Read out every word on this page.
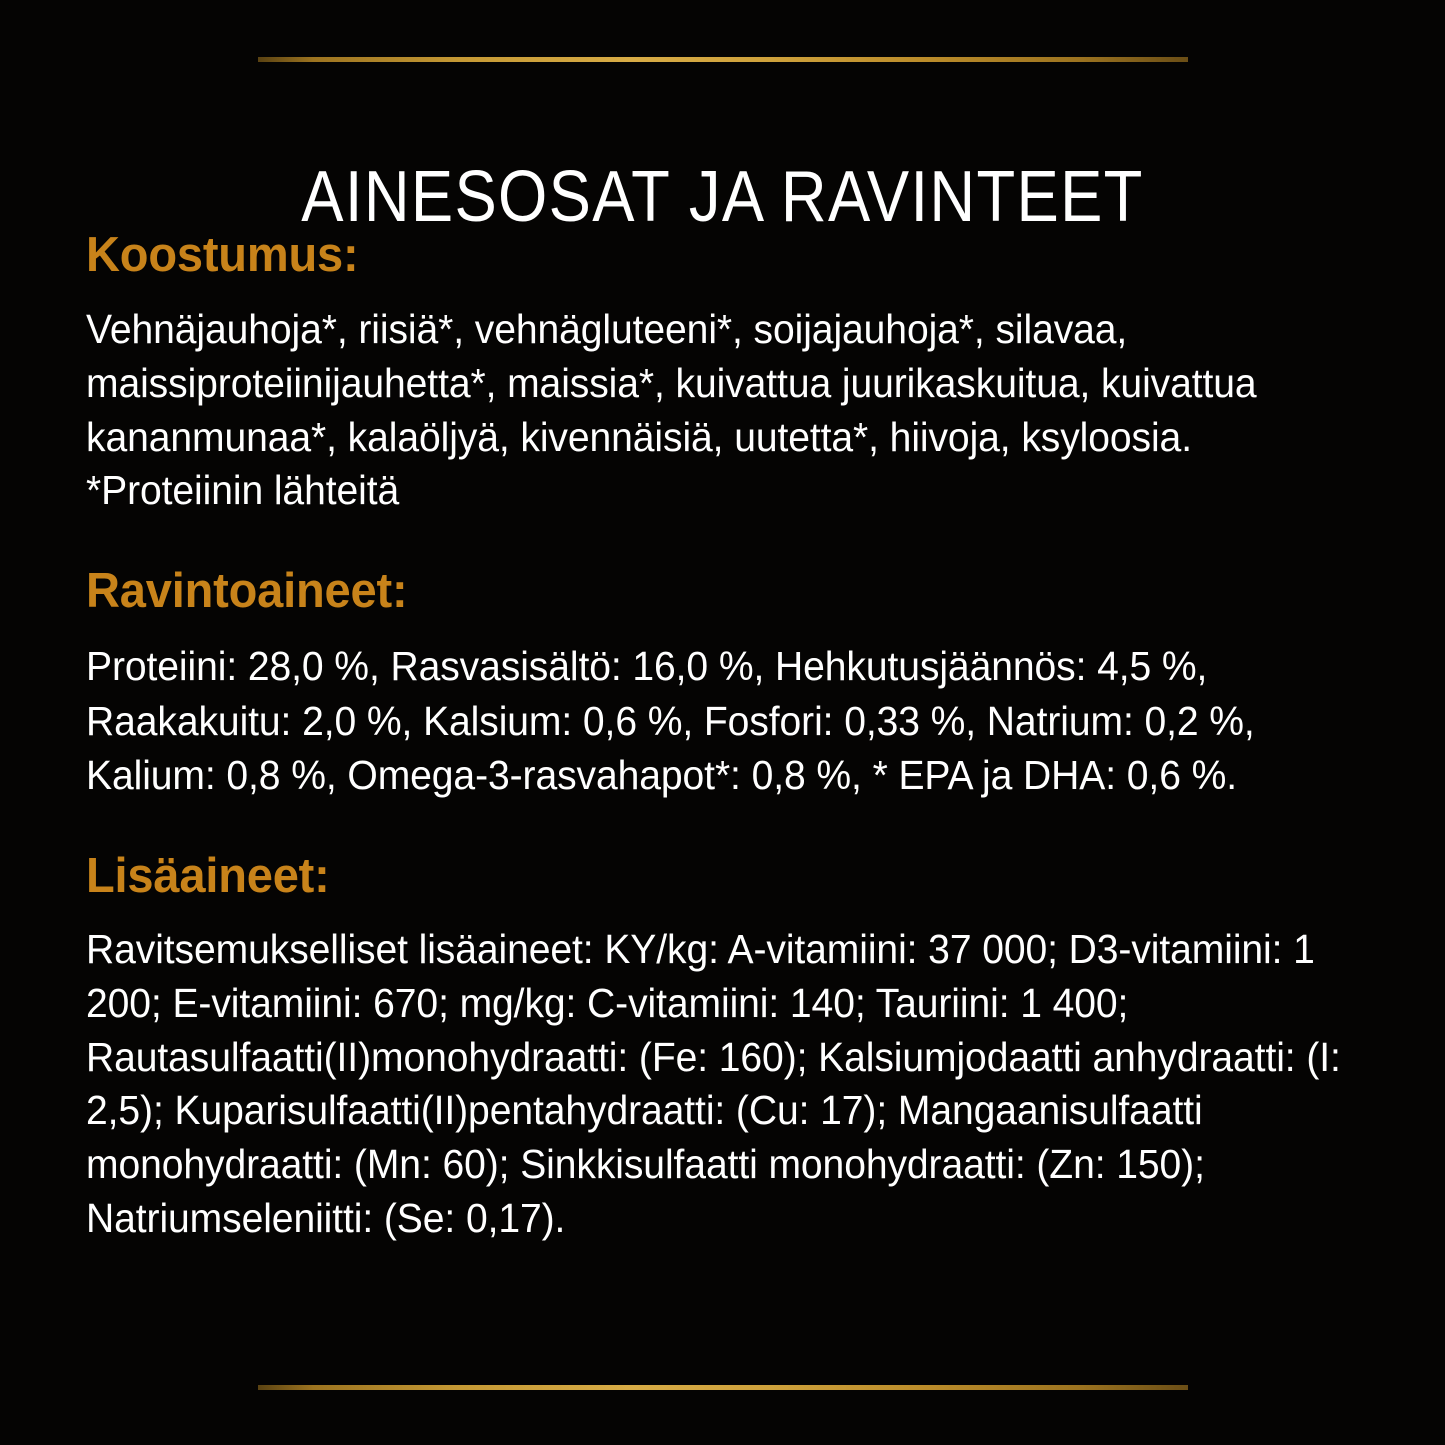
AINESOSAT JA RAVINTEET
Koostumus:

Vehnäjauhoja*, riisiä*, vehnägluteeni*, soijajauhoja*, silavaa, maissiproteiinijauhetta*, maissia*, kuivattua juurikaskuitua, kuivattua kananmunaa*, kalaöljyä, kivennäisiä, uutetta*, hiivoja, ksyloosia. *Proteiinin lähteitä

Ravintoaineet:

Proteiini: 28,0 %, Rasvasisältö: 16,0 %, Hehkutusjäännös: 4,5 %, Raakakuitu: 2,0 %, Kalsium: 0,6 %, Fosfori: 0,33 %, Natrium: 0,2 %, Kalium: 0,8 %, Omega-3-rasvahapot*: 0,8 %, * EPA ja DHA: 0,6 %.

Lisäaineet:

Ravitsemukselliset lisäaineet: KY/kg: A-vitamiini: 37 000; D3-vitamiini: 1 200; E-vitamiini: 670; mg/kg: C-vitamiini: 140; Tauriini: 1 400; Rautasulfaatti(II)monohydraatti: (Fe: 160); Kalsiumjodaatti anhydraatti: (I: 2,5); Kuparisulfaatti(II)pentahydraatti: (Cu: 17); Mangaanisulfaatti monohydraatti: (Mn: 60); Sinkkisulfaatti monohydraatti: (Zn: 150); Natriumseleniitti: (Se: 0,17).
